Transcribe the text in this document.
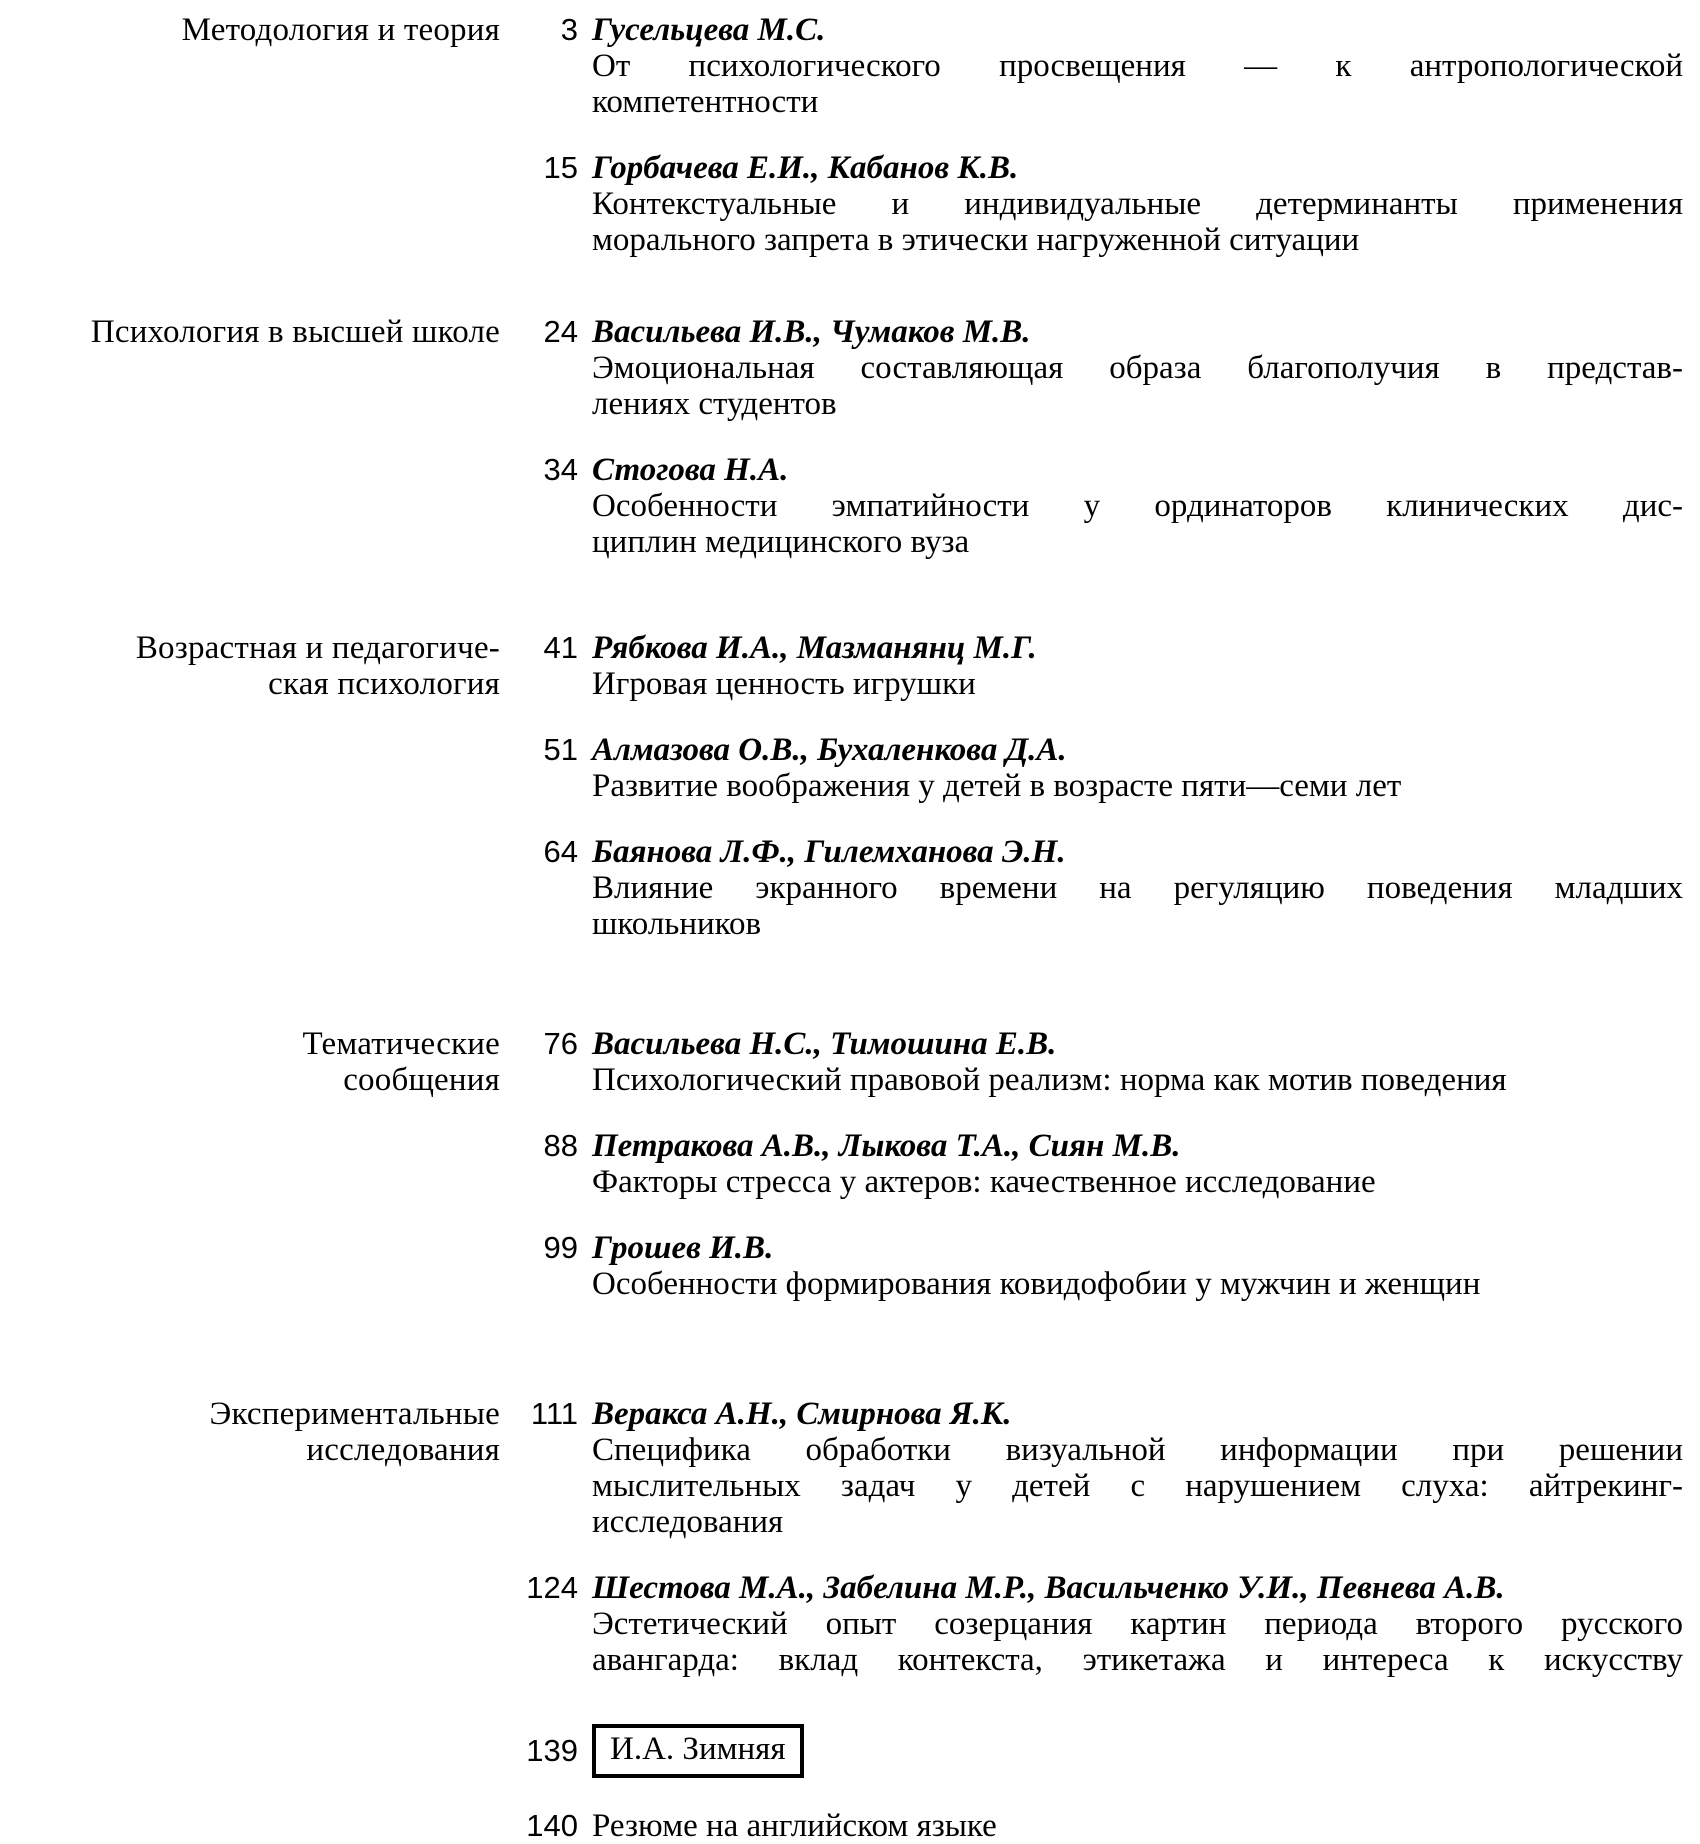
Методология и теория	3 Гусельцева М.С.
От психологического просвещения — к антропологической
компетентности
15 Горбачева Е.И., Кабанов К.В.
Контекстуальные и индивидуальные детерминанты применения
морального запрета в этически нагруженной ситуации
Психология в высшей школе	24 Васильева И.В., Чумаков М.В.
Эмоциональная составляющая образа благополучия в представ-
лениях студентов
34 Стогова Н.А.
Особенности эмпатийности у ординаторов клинических дис-
циплин медицинского вуза
Возрастная и педагогиче-
ская психология
41 Рябкова И.А., Мазманянц М.Г.
Игровая ценность игрушки
51 Алмазова О.В., Бухаленкова Д.А.
Развитие воображения у детей в возрасте пяти—семи лет
64 Баянова Л.Ф., Гилемханова Э.Н.
Влияние экранного времени на регуляцию поведения младших
школьников
Тематические
сообщения
76 Васильева Н.С., Тимошина Е.В.
Психологический правовой реализм: норма как мотив поведения
88 Петракова А.В., Лыкова Т.А., Сиян М.В.
Факторы стресса у актеров: качественное исследование
99 Грошев И.В.
Особенности формирования ковидофобии у мужчин и женщин
Экспериментальные
исследования
111 Веракса А.Н., Смирнова Я.К.
Специфика обработки визуальной информации при решении
мыслительных задач у детей с нарушением слуха: айтрекинг-
исследования
124 Шестова М.А., Забелина М.Р., Васильченко У.И., Певнева А.В.
Эстетический опыт созерцания картин периода второго русского
авангарда: вклад контекста, этикетажа и интереса к искусству
139 И.А. Зимняя
140 Резюме на английском языке
